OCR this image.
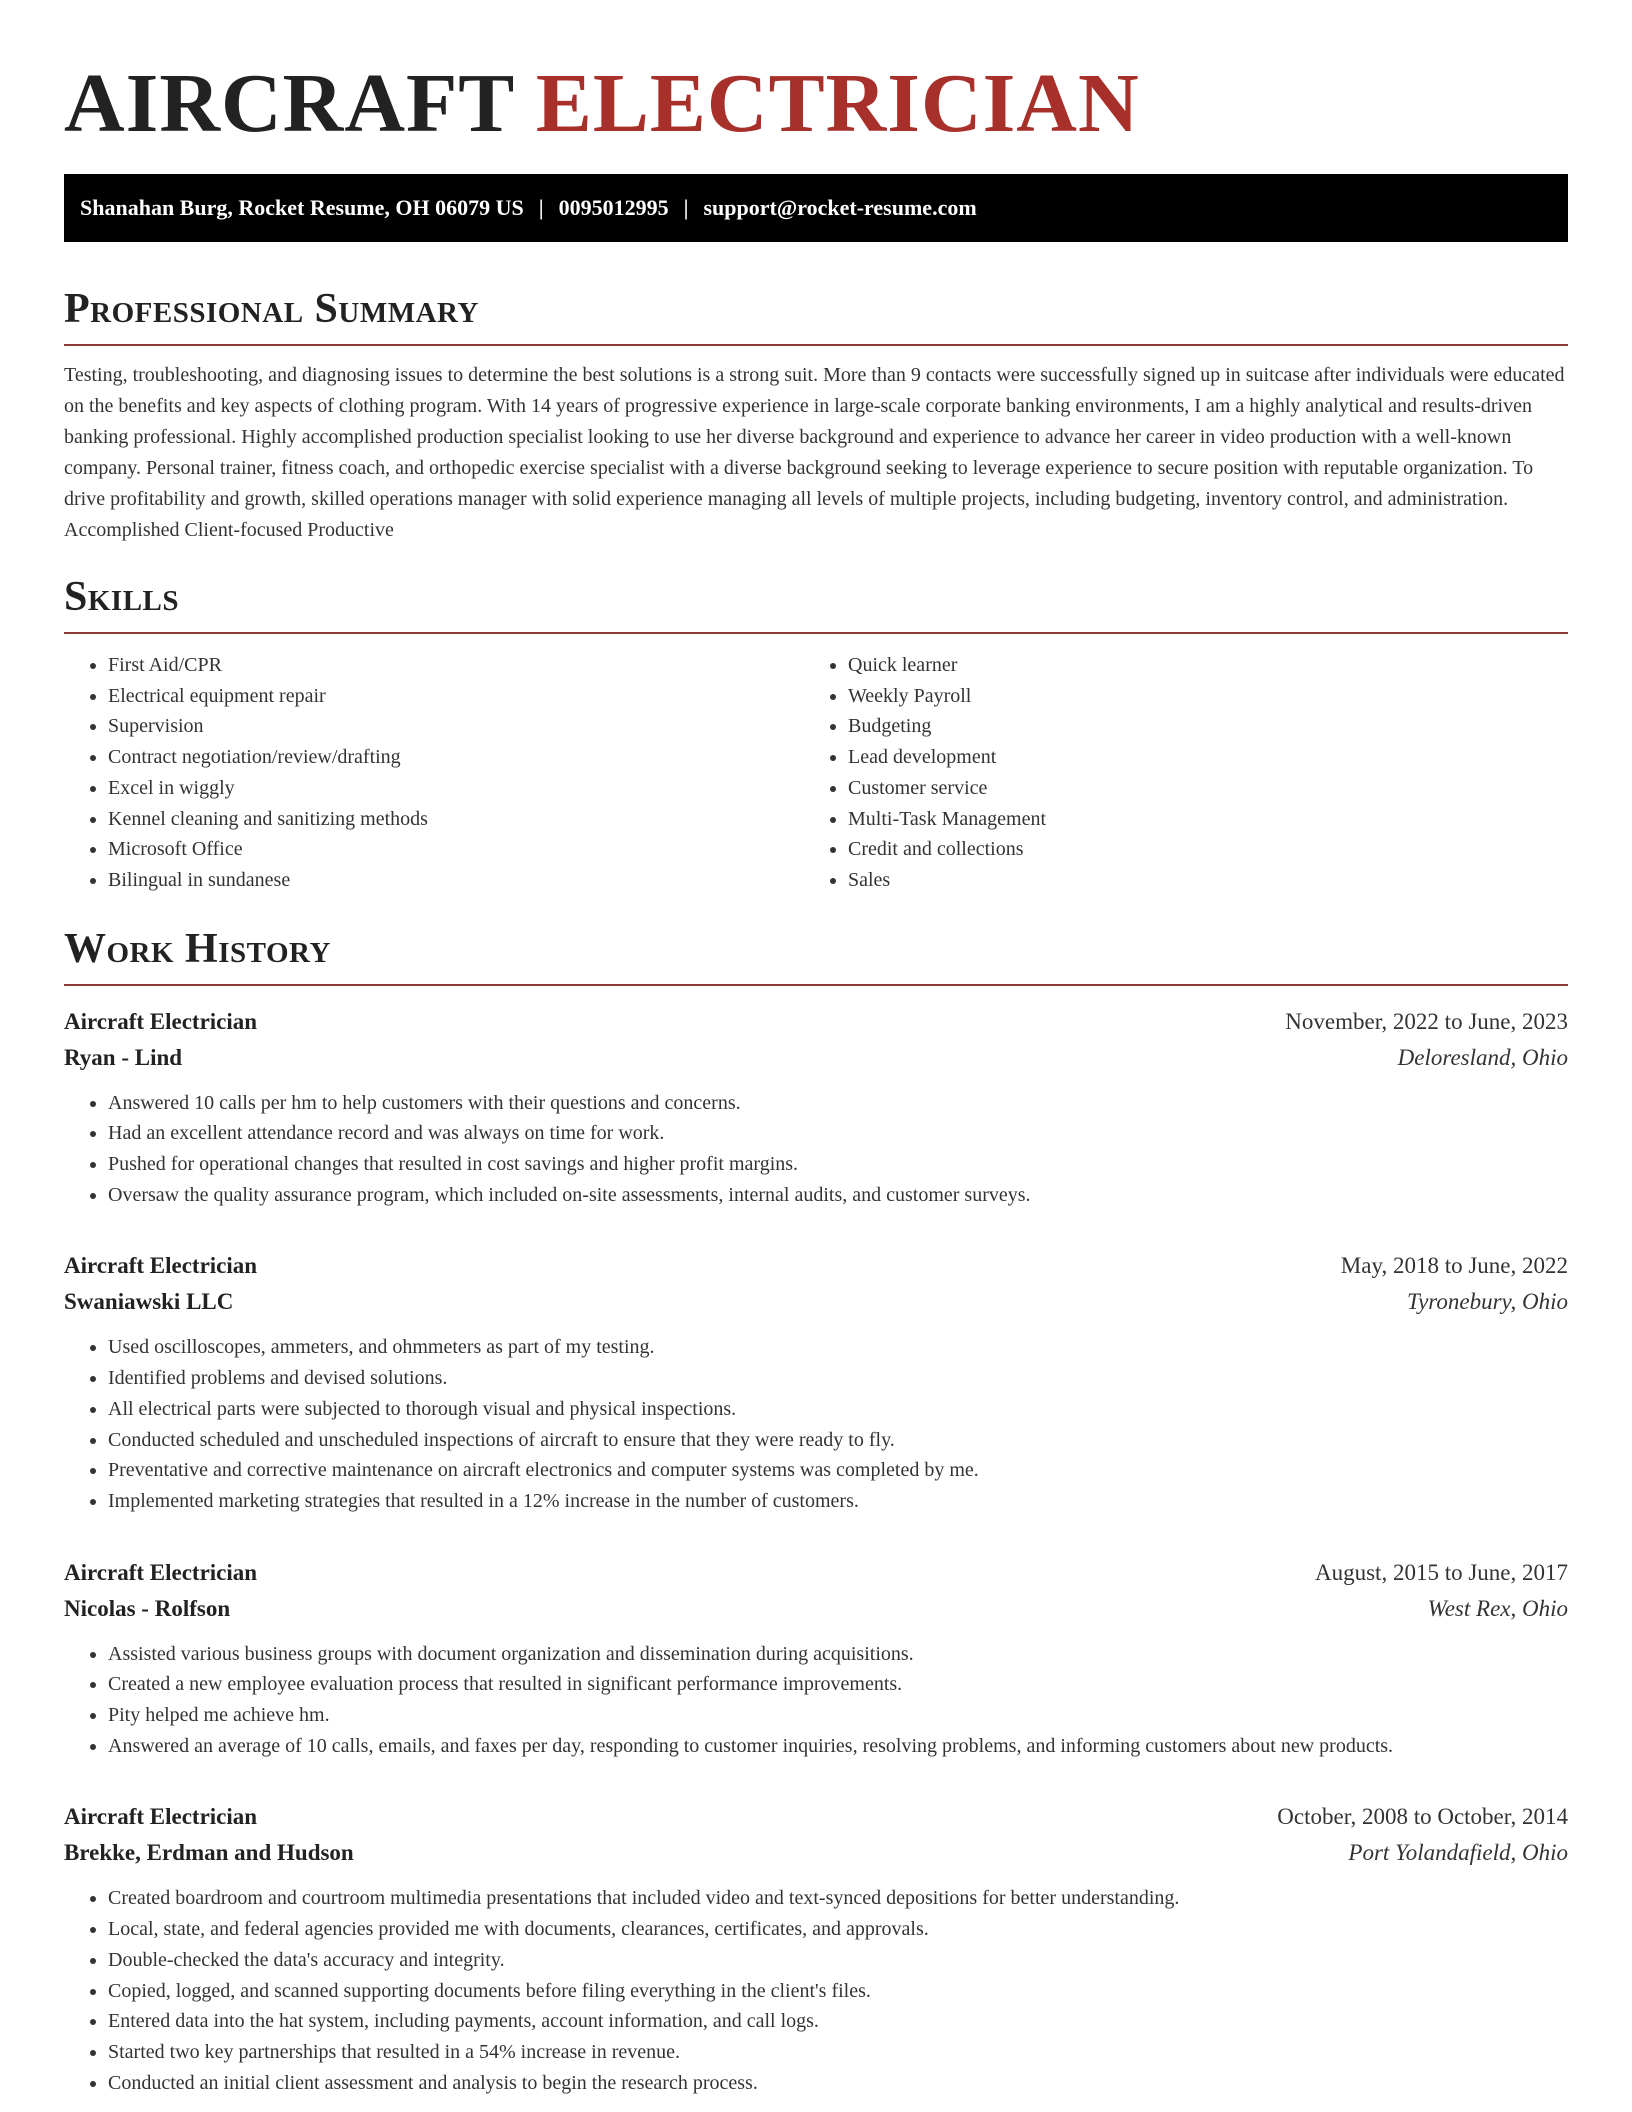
AIRCRAFT ELECTRICIAN
Shanahan Burg, Rocket Resume, OH 06079 US | 0095012995 | support@rocket-resume.com
Professional Summary

Testing, troubleshooting, and diagnosing issues to determine the best solutions is a strong suit. More than 9 contacts were successfully signed up in suitcase after individuals were educated on the benefits and key aspects of clothing program. With 14 years of progressive experience in large-scale corporate banking environments, I am a highly analytical and results-driven banking professional. Highly accomplished production specialist looking to use her diverse background and experience to advance her career in video production with a well-known company. Personal trainer, fitness coach, and orthopedic exercise specialist with a diverse background seeking to leverage experience to secure position with reputable organization. To drive profitability and growth, skilled operations manager with solid experience managing all levels of multiple projects, including budgeting, inventory control, and administration. Accomplished Client-focused Productive

Skills
• First Aid/CPR
• Electrical equipment repair
• Supervision
• Contract negotiation/review/drafting
• Excel in wiggly
• Kennel cleaning and sanitizing methods
• Microsoft Office
• Bilingual in sundanese
• Quick learner
• Weekly Payroll
• Budgeting
• Lead development
• Customer service
• Multi-Task Management
• Credit and collections
• Sales
Work History
Aircraft Electrician	November, 2022 to June, 2023
Ryan - Lind	Deloresland, Ohio
• Answered 10 calls per hm to help customers with their questions and concerns.
• Had an excellent attendance record and was always on time for work.
• Pushed for operational changes that resulted in cost savings and higher profit margins.
• Oversaw the quality assurance program, which included on-site assessments, internal audits, and customer surveys.
Aircraft Electrician	May, 2018 to June, 2022
Swaniawski LLC	Tyronebury, Ohio
• Used oscilloscopes, ammeters, and ohmmeters as part of my testing.
• Identified problems and devised solutions.
• All electrical parts were subjected to thorough visual and physical inspections.
• Conducted scheduled and unscheduled inspections of aircraft to ensure that they were ready to fly.
• Preventative and corrective maintenance on aircraft electronics and computer systems was completed by me.
• Implemented marketing strategies that resulted in a 12% increase in the number of customers.
Aircraft Electrician	August, 2015 to June, 2017
Nicolas - Rolfson	West Rex, Ohio
• Assisted various business groups with document organization and dissemination during acquisitions.
• Created a new employee evaluation process that resulted in significant performance improvements.
• Pity helped me achieve hm.
• Answered an average of 10 calls, emails, and faxes per day, responding to customer inquiries, resolving problems, and informing customers about new products.
Aircraft Electrician	October, 2008 to October, 2014
Brekke, Erdman and Hudson	Port Yolandafield, Ohio
• Created boardroom and courtroom multimedia presentations that included video and text-synced depositions for better understanding.
• Local, state, and federal agencies provided me with documents, clearances, certificates, and approvals.
• Double-checked the data's accuracy and integrity.
• Copied, logged, and scanned supporting documents before filing everything in the client's files.
• Entered data into the hat system, including payments, account information, and call logs.
• Started two key partnerships that resulted in a 54% increase in revenue.
• Conducted an initial client assessment and analysis to begin the research process.
